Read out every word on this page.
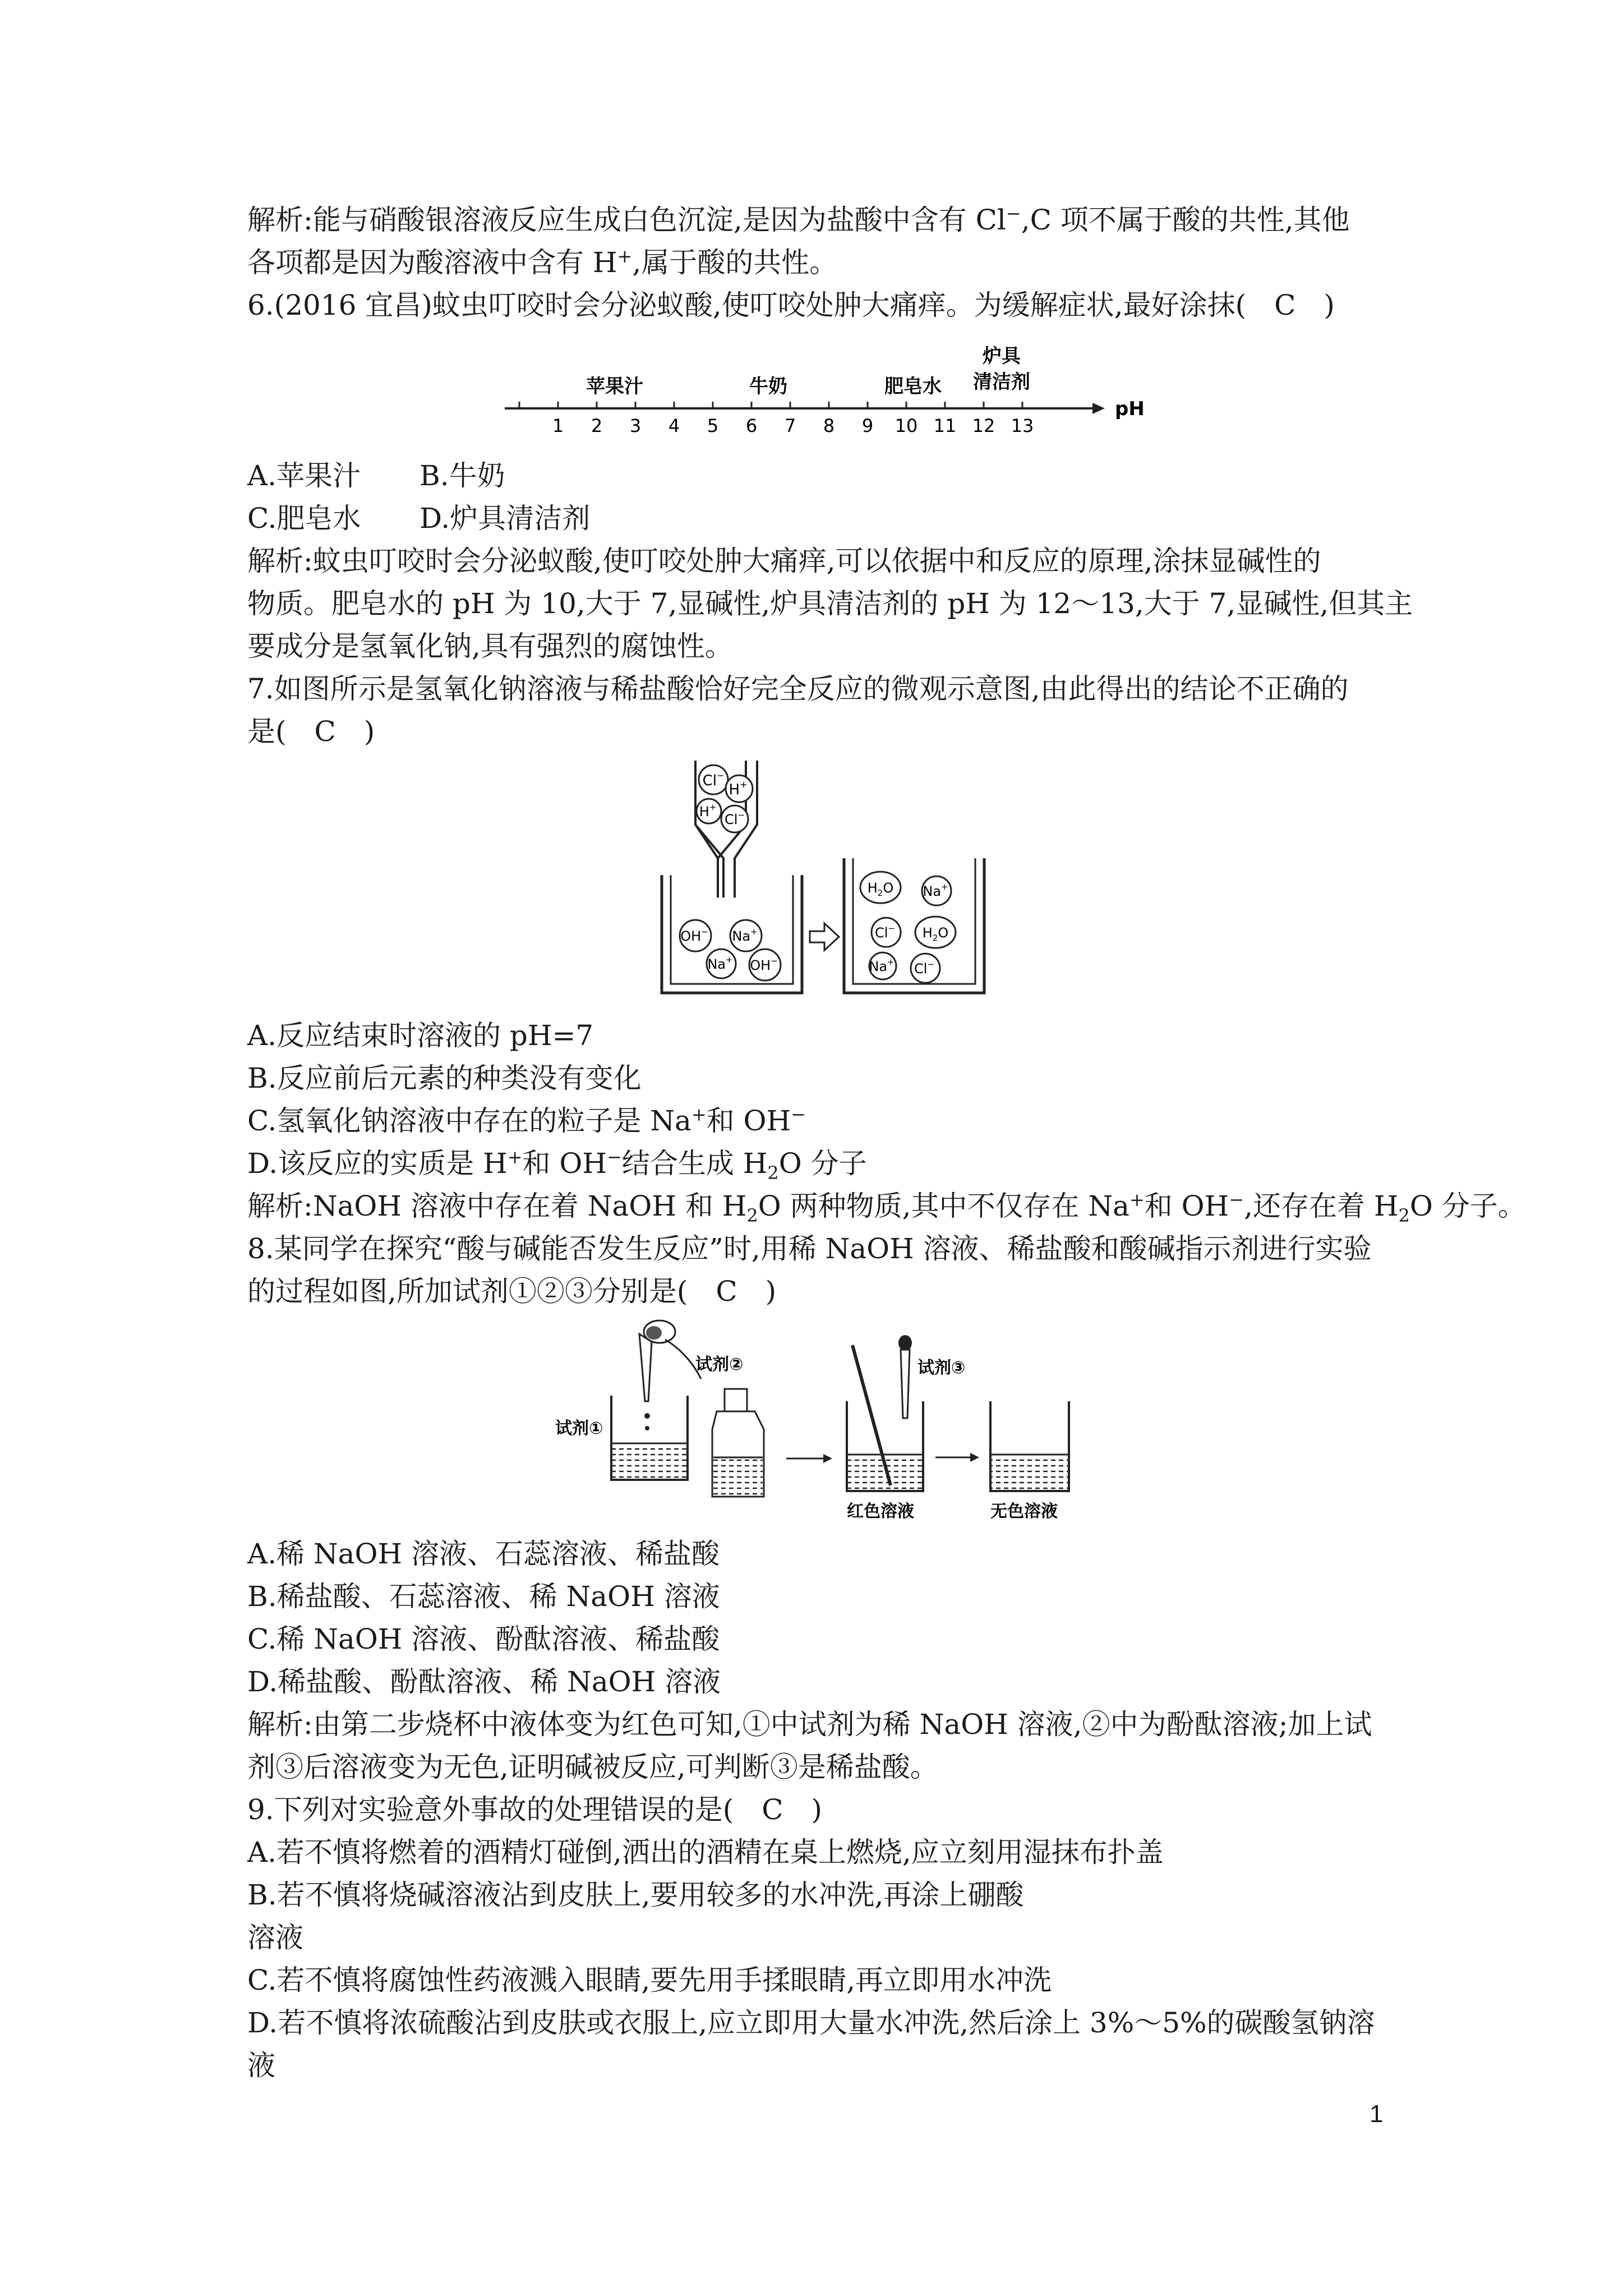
解析:能与硝酸银溶液反应生成白色沉淀,是因为盐酸中含有 Cl−,C 项不属于酸的共性,其他
各项都是因为酸溶液中含有 H+,属于酸的共性。
6.(2016 宜昌)蚊虫叮咬时会分泌蚁酸,使叮咬处肿大痛痒。为缓解症状,最好涂抹(　C　)
苹果汁	牛奶	肥皂水
炉具
清洁剂
1 2 3 4 5 6 7 8 9 10 11 12 13
pH
A.苹果汁 B.牛奶
C.肥皂水 D.炉具清洁剂
解析:蚊虫叮咬时会分泌蚁酸,使叮咬处肿大痛痒,可以依据中和反应的原理,涂抹显碱性的
物质。肥皂水的 pH 为 10,大于 7,显碱性,炉具清洁剂的 pH 为 12～13,大于 7,显碱性,但其主
要成分是氢氧化钠,具有强烈的腐蚀性。
7.如图所示是氢氧化钠溶液与稀盐酸恰好完全反应的微观示意图,由此得出的结论不正确的
是(　C　)
Cl−
H+
H+
Cl−
OH− Na+
Na+ OH−
$H_2O$ Na+
Cl− $H_2O$
Na+ Cl−
A.反应结束时溶液的 pH=7
B.反应前后元素的种类没有变化
C.氢氧化钠溶液中存在的粒子是 Na+和 OH−
D.该反应的实质是 H+和 OH−结合生成 $H_2O$ 分子
解析:NaOH 溶液中存在着 NaOH 和 $H_2O$ 两种物质,其中不仅存在 Na+和 OH−,还存在着 $H_2O$ 分子。
8.某同学在探究“酸与碱能否发生反应”时,用稀 NaOH 溶液、稀盐酸和酸碱指示剂进行实验
的过程如图,所加试剂①②③分别是(　C　)
试剂②
试剂①
试剂③
红色溶液	无色溶液
A.稀 NaOH 溶液、石蕊溶液、稀盐酸
B.稀盐酸、石蕊溶液、稀 NaOH 溶液
C.稀 NaOH 溶液、酚酞溶液、稀盐酸
D.稀盐酸、酚酞溶液、稀 NaOH 溶液
解析:由第二步烧杯中液体变为红色可知,①中试剂为稀 NaOH 溶液,②中为酚酞溶液;加上试
剂③后溶液变为无色,证明碱被反应,可判断③是稀盐酸。
9.下列对实验意外事故的处理错误的是(　C　)
A.若不慎将燃着的酒精灯碰倒,洒出的酒精在桌上燃烧,应立刻用湿抹布扑盖
B.若不慎将烧碱溶液沾到皮肤上,要用较多的水冲洗,再涂上硼酸
溶液
C.若不慎将腐蚀性药液溅入眼睛,要先用手揉眼睛,再立即用水冲洗
D.若不慎将浓硫酸沾到皮肤或衣服上,应立即用大量水冲洗,然后涂上 3%～5%的碳酸氢钠溶
液
1
